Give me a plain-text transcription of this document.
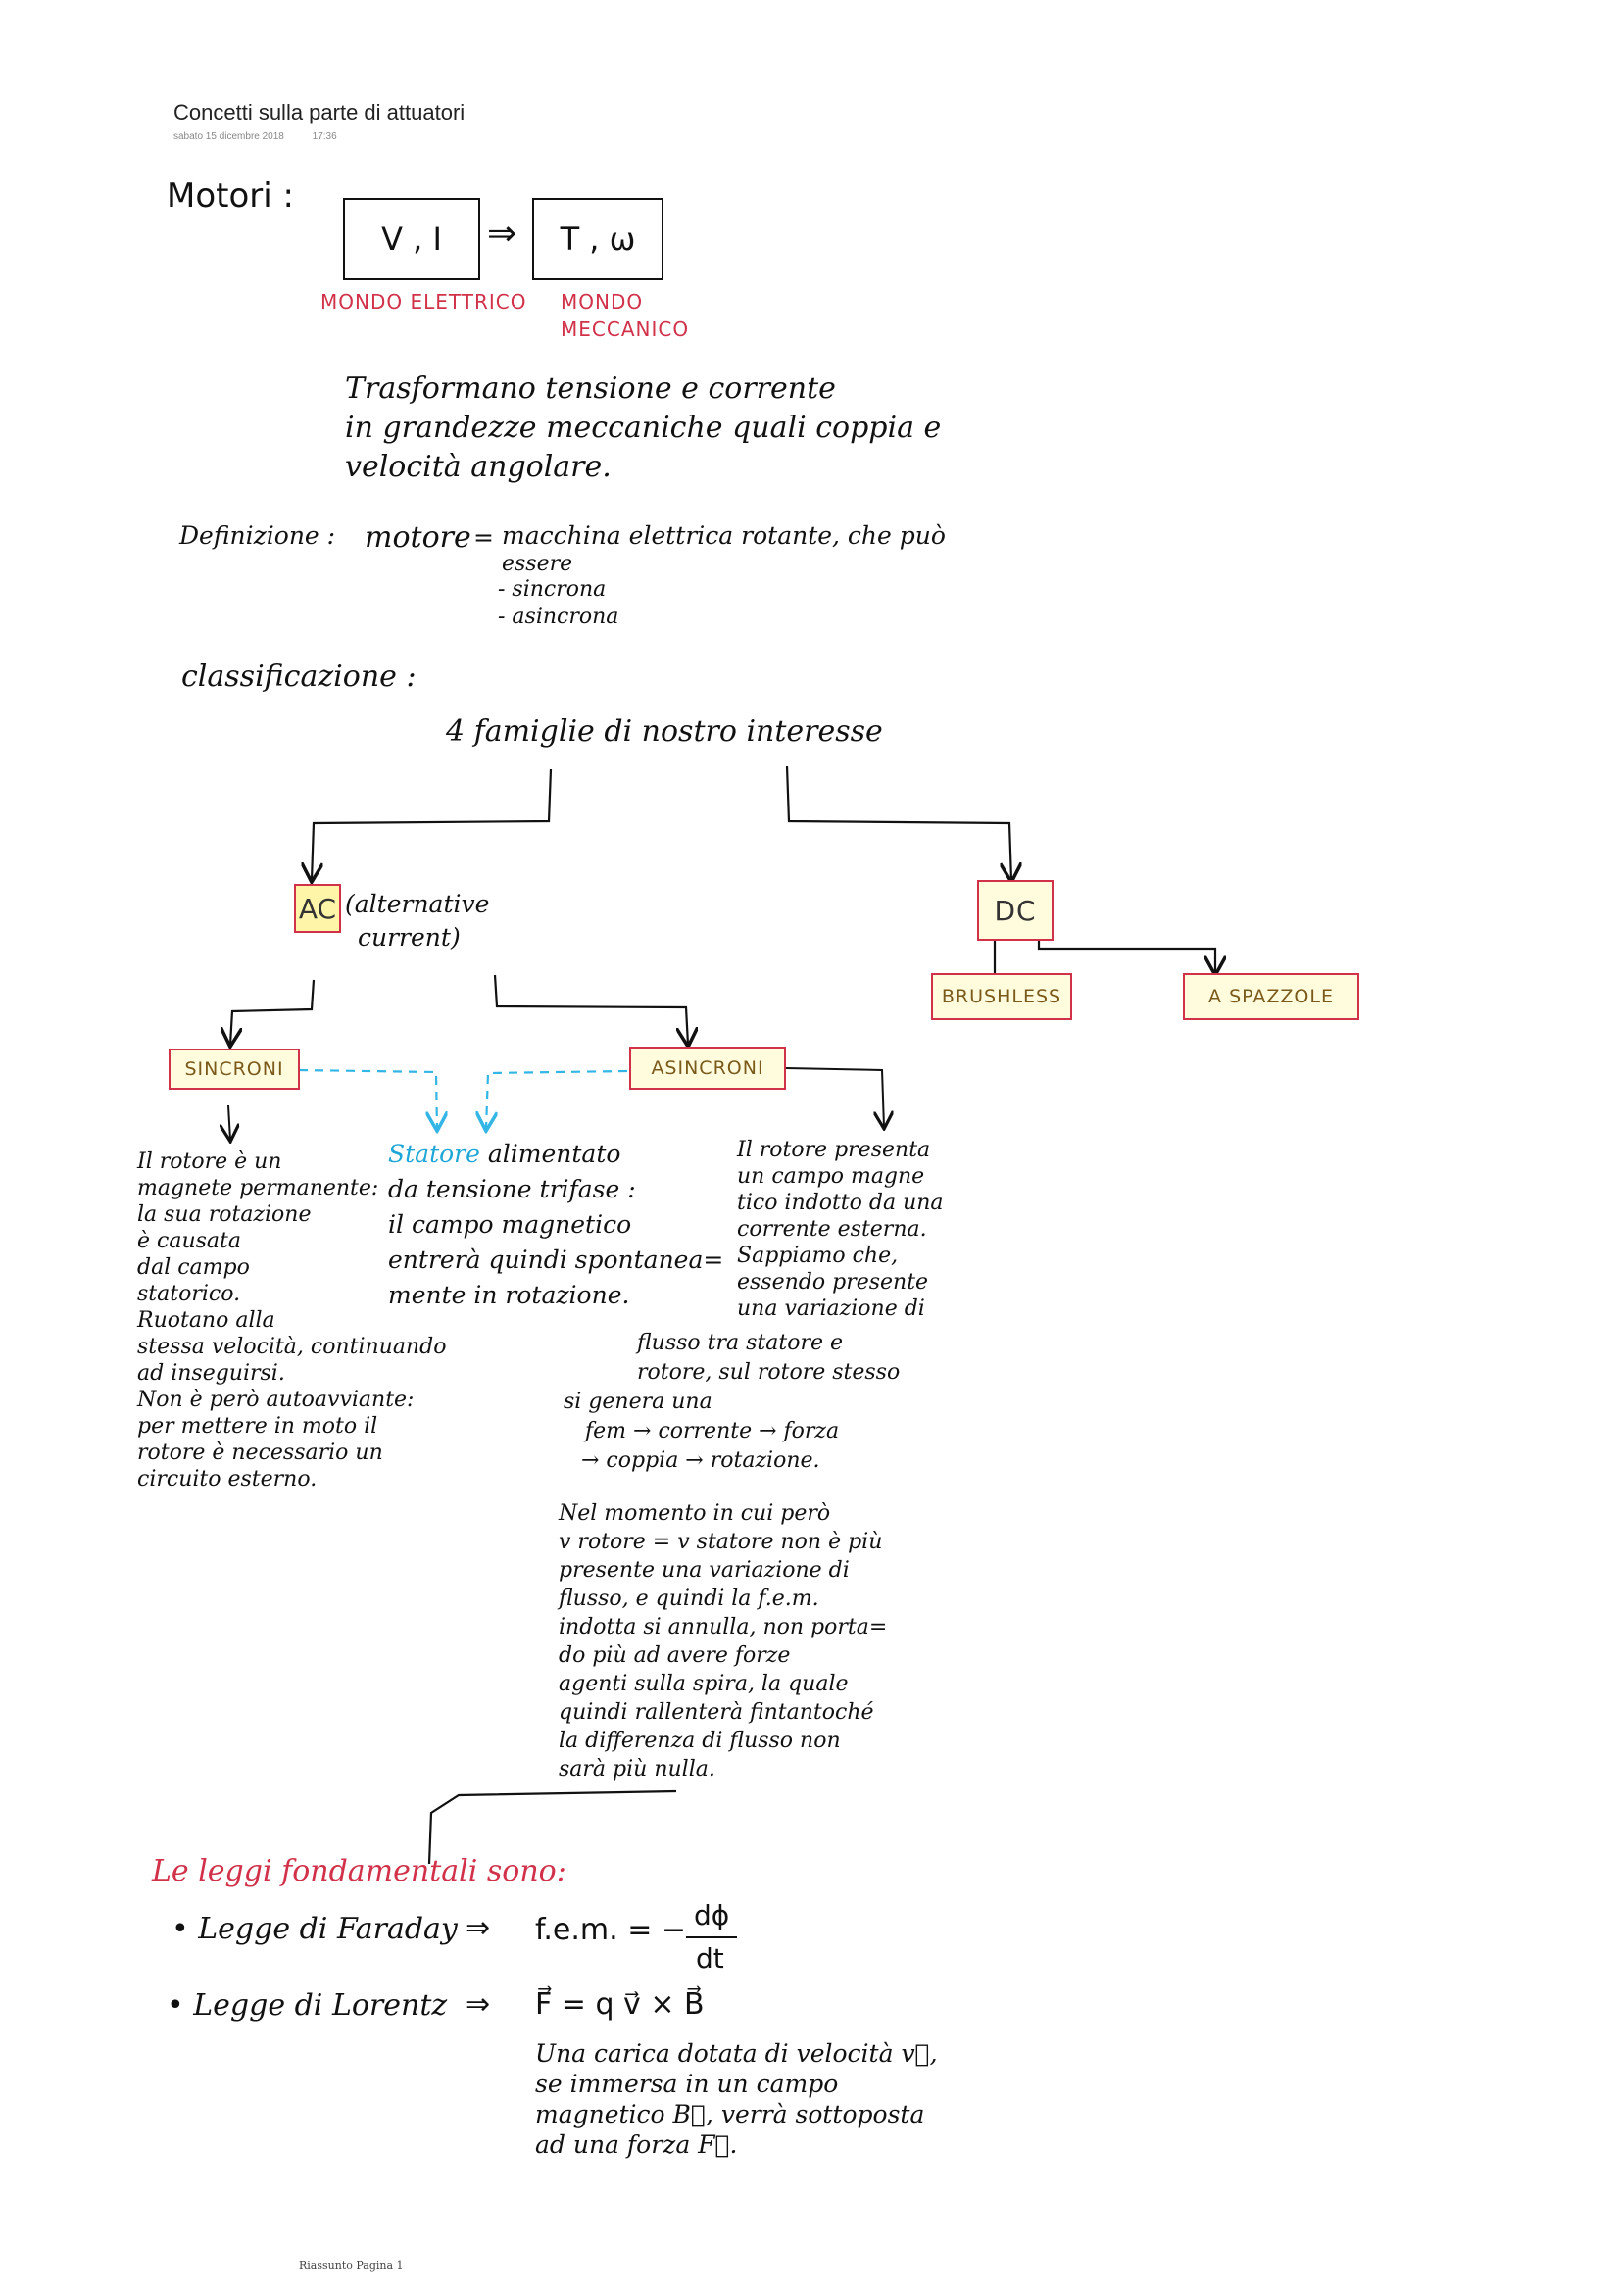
Concetti sulla parte di attuatori
sabato 15 dicembre 2018	17:36
Motori :
V , I ⇒ T , ω
MONDO ELETTRICO MONDO
MECCANICO
Trasformano tensione e corrente
in grandezze meccaniche quali coppia e
velocità angolare.
Definizione : motore = macchina elettrica rotante, che può
essere
- sincrona
- asincrona
classificazione :
4 famiglie di nostro interesse
AC (alternative
current)
DC
BRUSHLESS	A SPAZZOLE
SINCRONI	ASINCRONI
Il rotore è un
magnete permanente:
la sua rotazione
è causata
dal campo
statorico.
Ruotano alla
stessa velocità, continuando
ad inseguirsi.
Non è però autoavviante:
per mettere in moto il
rotore è necessario un
circuito esterno.
Statore alimentato
da tensione trifase :
il campo magnetico
entrerà quindi spontanea=
mente in rotazione.
Il rotore presenta
un campo magne
tico indotto da una
corrente esterna.
Sappiamo che,
essendo presente
una variazione di
flusso tra statore e
rotore, sul rotore stesso
si genera una
fem → corrente → forza
→ coppia → rotazione.
Nel momento in cui però
v rotore = v statore non è più
presente una variazione di
flusso, e quindi la f.e.m.
indotta si annulla, non porta=
do più ad avere forze
agenti sulla spira, la quale
quindi rallenterà fintantoché
la differenza di flusso non
sarà più nulla.
Le leggi fondamentali sono:
• Legge di Faraday ⇒ f.e.m. = − dϕ
dt
• Legge di Lorentz ⇒ F⃗ = q v⃗ × B⃗
Una carica dotata di velocità v⃗,
se immersa in un campo
magnetico B⃗, verrà sottoposta
ad una forza F⃗.
Riassunto Pagina 1
